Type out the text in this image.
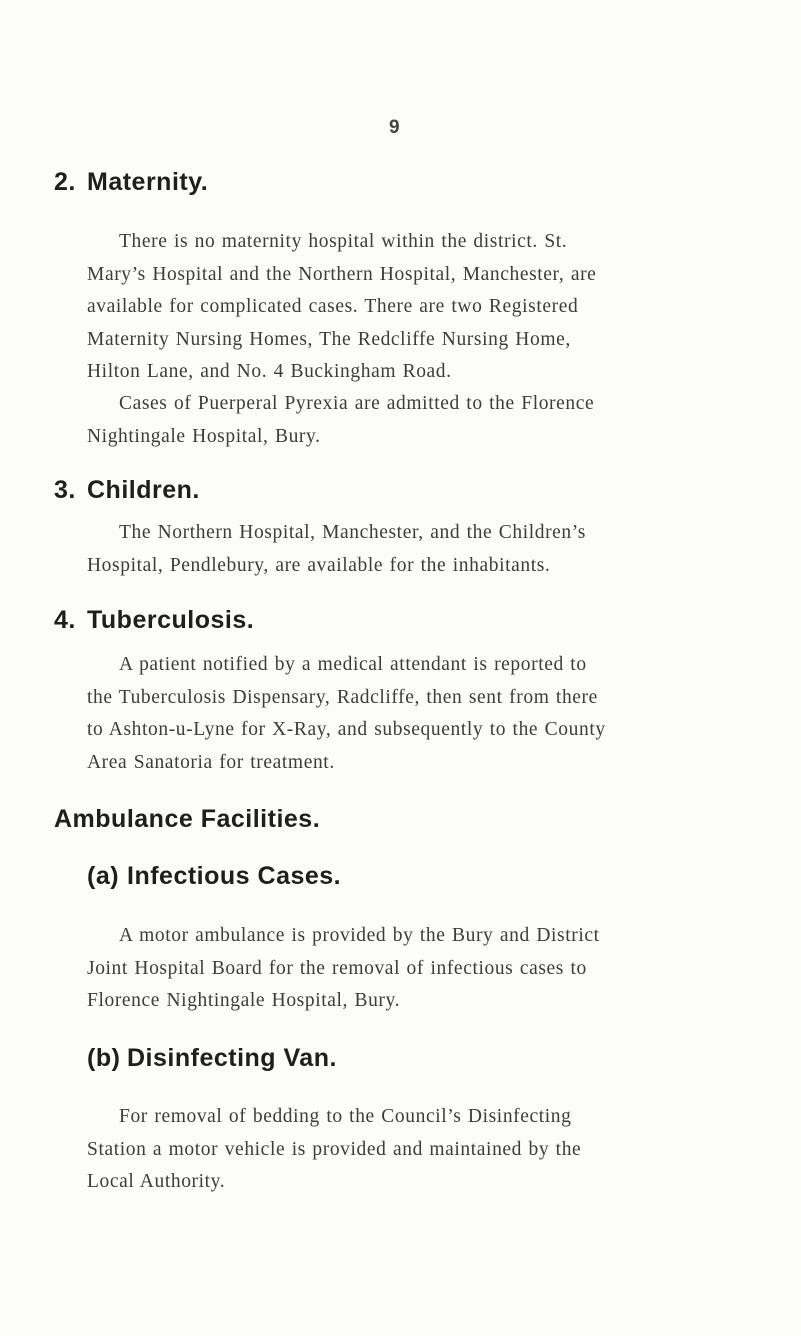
9
2. Maternity.
There is no maternity hospital within the district. St.
Mary’s Hospital and the Northern Hospital, Manchester, are
available for complicated cases. There are two Registered
Maternity Nursing Homes, The Redcliffe Nursing Home,
Hilton Lane, and No. 4 Buckingham Road.
Cases of Puerperal Pyrexia are admitted to the Florence
Nightingale Hospital, Bury.
3. Children.
The Northern Hospital, Manchester, and the Children’s
Hospital, Pendlebury, are available for the inhabitants.
4. Tuberculosis.
A patient notified by a medical attendant is reported to
the Tuberculosis Dispensary, Radcliffe, then sent from there
to Ashton-u-Lyne for X-Ray, and subsequently to the County
Area Sanatoria for treatment.
Ambulance Facilities.
(a) Infectious Cases.
A motor ambulance is provided by the Bury and District
Joint Hospital Board for the removal of infectious cases to
Florence Nightingale Hospital, Bury.
(b) Disinfecting Van.
For removal of bedding to the Council’s Disinfecting
Station a motor vehicle is provided and maintained by the
Local Authority.
